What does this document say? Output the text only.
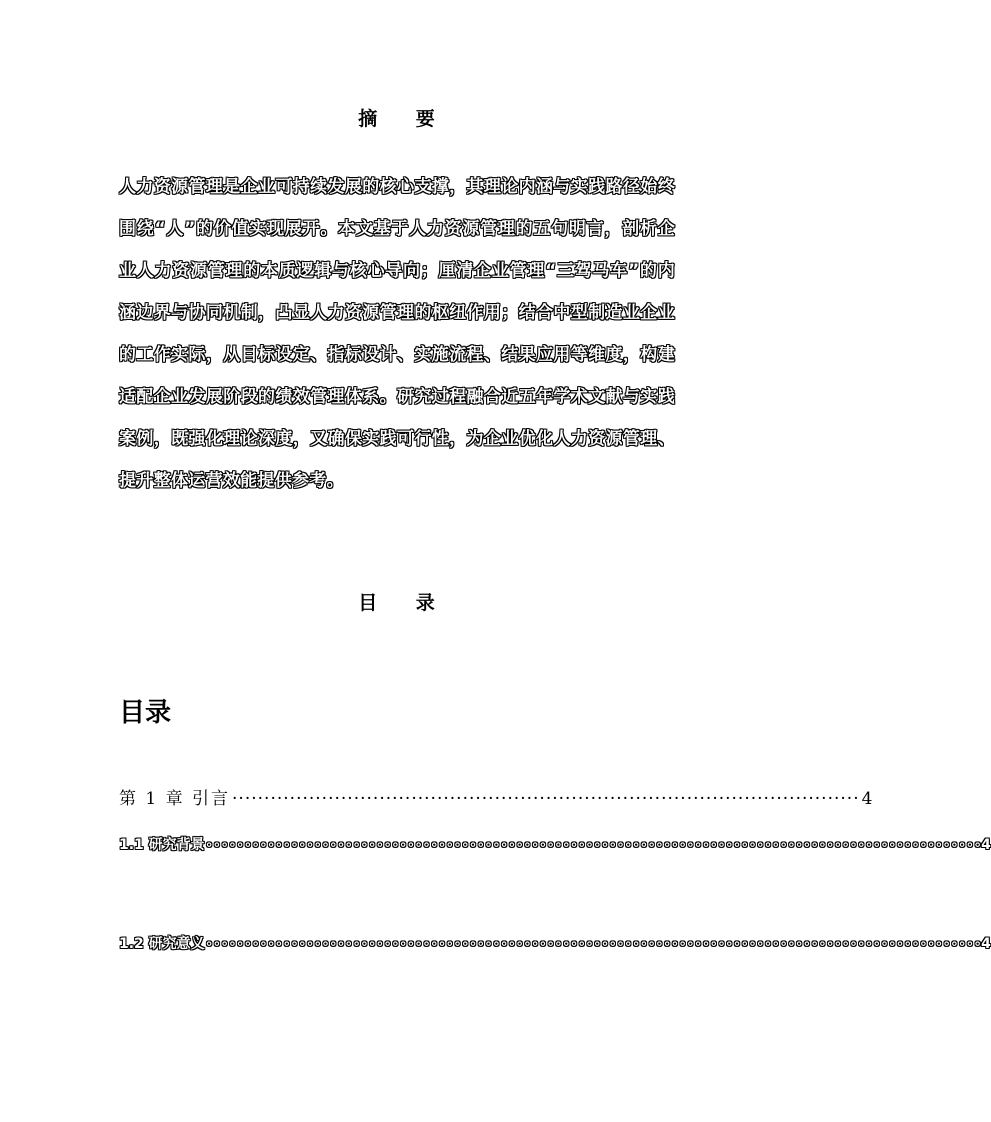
摘 要
人力资源管理是企业可持续发展的核心支撑，其理论内涵与实践路径始终围绕“人”的价值实现展开。本文基于人力资源管理的五句明言，剖析企业人力资源管理的本质逻辑与核心导向；厘清企业管理“三驾马车”的内涵边界与协同机制，凸显人力资源管理的枢纽作用；结合中型制造业企业的工作实际，从目标设定、指标设计、实施流程、结果应用等维度，构建适配企业发展阶段的绩效管理体系。研究过程融合近五年学术文献与实践案例，既强化理论深度，又确保实践可行性，为企业优化人力资源管理、提升整体运营效能提供参考。
目 录
目录
第 1 章 引言 ·································································································· 4
1.1 研究背景 ∘∘∘∘∘∘∘∘∘∘∘∘∘∘∘∘∘∘∘∘∘∘∘∘∘∘∘∘∘∘∘∘∘∘∘∘∘∘∘∘∘∘∘∘∘∘∘∘∘∘∘∘∘∘∘∘∘∘∘∘∘∘∘∘∘∘∘∘∘∘∘∘∘∘∘∘∘∘∘∘∘∘∘∘∘∘∘∘∘∘∘∘∘∘∘∘∘∘∘∘ 4
1.2 研究意义 ∘∘∘∘∘∘∘∘∘∘∘∘∘∘∘∘∘∘∘∘∘∘∘∘∘∘∘∘∘∘∘∘∘∘∘∘∘∘∘∘∘∘∘∘∘∘∘∘∘∘∘∘∘∘∘∘∘∘∘∘∘∘∘∘∘∘∘∘∘∘∘∘∘∘∘∘∘∘∘∘∘∘∘∘∘∘∘∘∘∘∘∘∘∘∘∘∘∘∘∘ 4
